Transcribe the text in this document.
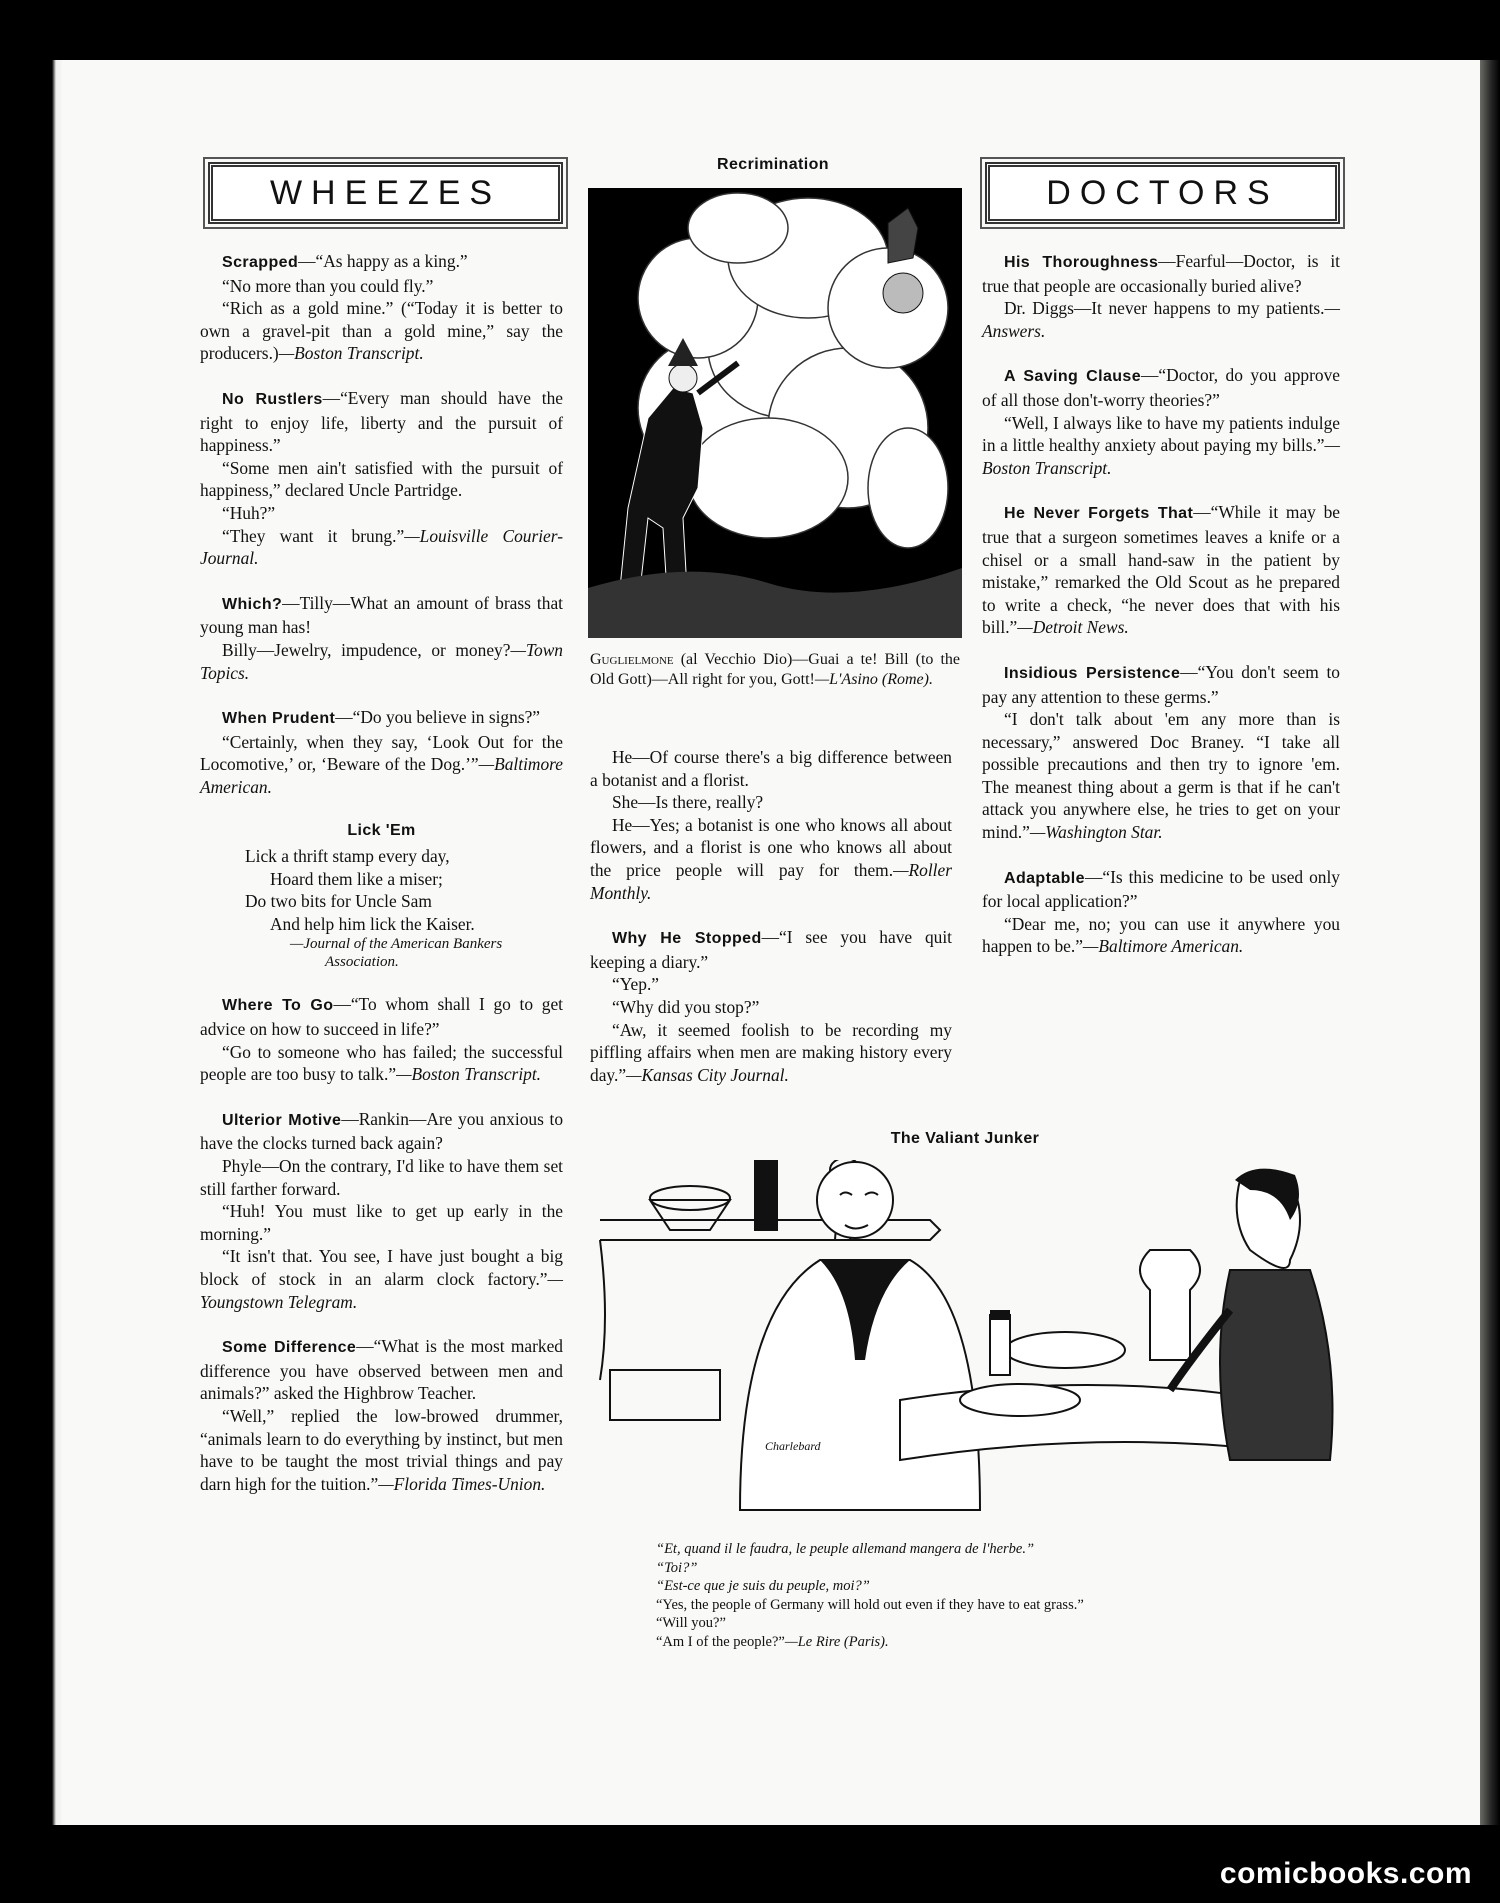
WHEEZES	DOCTORS

Scrapped—“As happy as a king.”

“No more than you could fly.”

“Rich as a gold mine.” (“Today it is better to own a gravel-pit than a gold mine,” say the producers.)—Boston Transcript.

No Rustlers—“Every man should have the right to enjoy life, liberty and the pursuit of happiness.”

“Some men ain't satisfied with the pursuit of happiness,” declared Uncle Partridge.

“Huh?”

“They want it brung.”—Louisville Courier-Journal.

Which?—Tilly—What an amount of brass that young man has!

Billy—Jewelry, impudence, or money?—Town Topics.

When Prudent—“Do you believe in signs?”

“Certainly, when they say, ‘Look Out for the Locomotive,’ or, ‘Beware of the Dog.’”—Baltimore American.

Lick 'Em
Lick a thrift stamp every day,
Hoard them like a miser;
Do two bits for Uncle Sam
And help him lick the Kaiser.
—Journal of the American Bankers
Association.

Where To Go—“To whom shall I go to get advice on how to succeed in life?”

“Go to someone who has failed; the successful people are too busy to talk.”—Boston Transcript.

Ulterior Motive—Rankin—Are you anxious to have the clocks turned back again?

Phyle—On the contrary, I'd like to have them set still farther forward.

“Huh! You must like to get up early in the morning.”

“It isn't that. You see, I have just bought a big block of stock in an alarm clock factory.”—Youngstown Telegram.

Some Difference—“What is the most marked difference you have observed between men and animals?” asked the Highbrow Teacher.

“Well,” replied the low-browed drummer, “animals learn to do everything by instinct, but men have to be taught the most trivial things and pay darn high for the tuition.”—Florida Times-Union.

Recrimination
Guglielmone (al Vecchio Dio)—Guai a te! Bill (to the Old Gott)—All right for you, Gott!—L'Asino (Rome).

He—Of course there's a big difference between a botanist and a florist.

She—Is there, really?

He—Yes; a botanist is one who knows all about flowers, and a florist is one who knows all about the price people will pay for them.—Roller Monthly.

Why He Stopped—“I see you have quit keeping a diary.”

“Yep.”

“Why did you stop?”

“Aw, it seemed foolish to be recording my piffling affairs when men are making history every day.”—Kansas City Journal.

His Thoroughness—Fearful—Doctor, is it true that people are occasionally buried alive?

Dr. Diggs—It never happens to my patients.—Answers.

A Saving Clause—“Doctor, do you approve of all those don't-worry theories?”

“Well, I always like to have my patients indulge in a little healthy anxiety about paying my bills.”—Boston Transcript.

He Never Forgets That—“While it may be true that a surgeon sometimes leaves a knife or a chisel or a small hand-saw in the patient by mistake,” remarked the Old Scout as he prepared to write a check, “he never does that with his bill.”—Detroit News.

Insidious Persistence—“You don't seem to pay any attention to these germs.”

“I don't talk about 'em any more than is necessary,” answered Doc Braney. “I take all possible precautions and then try to ignore 'em. The meanest thing about a germ is that if he can't attack you anywhere else, he tries to get on your mind.”—Washington Star.

Adaptable—“Is this medicine to be used only for local application?”

“Dear me, no; you can use it anywhere you happen to be.”—Baltimore American.

The Valiant Junker
Charlebard
“Et, quand il le faudra, le peuple allemand mangera de l'herbe.”
“Toi?”
“Est-ce que je suis du peuple, moi?”
“Yes, the people of Germany will hold out even if they have to eat grass.”
“Will you?”
“Am I of the people?”—Le Rire (Paris).
comicbooks.com
